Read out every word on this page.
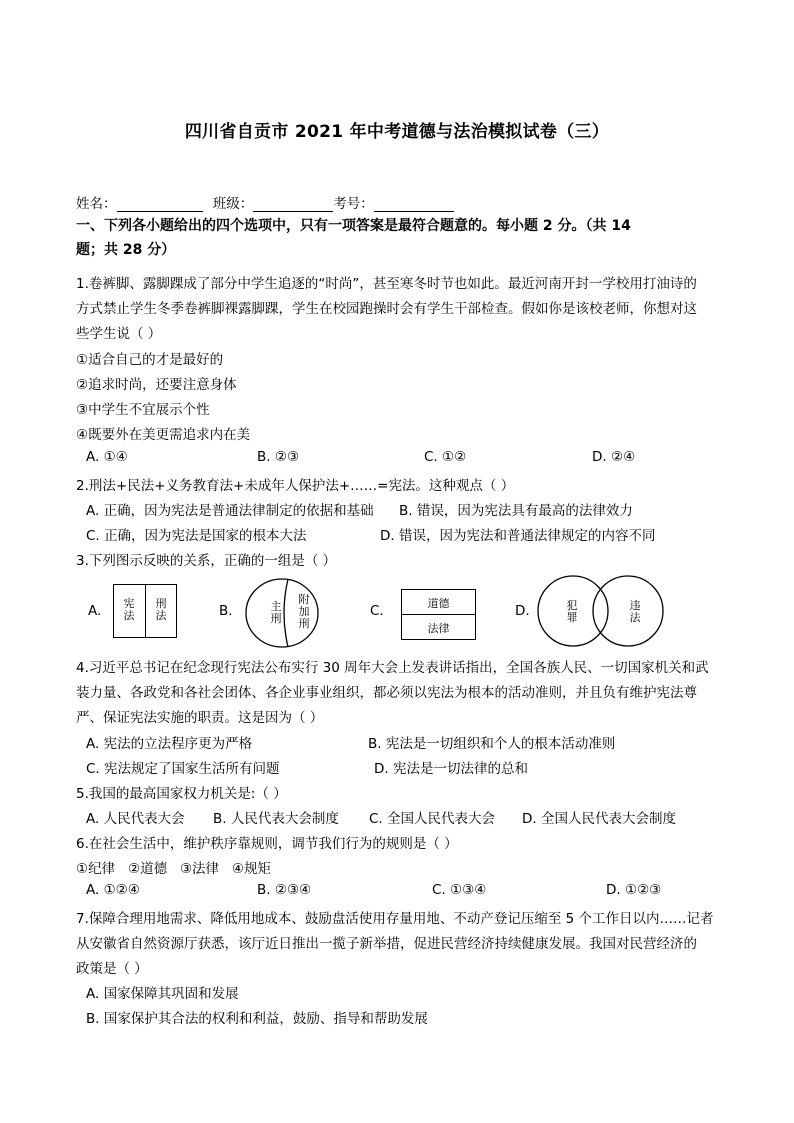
四川省自贡市 2021 年中考道德与法治模拟试卷（三）
姓名：	班级：	考号：
一、下列各小题给出的四个选项中，只有一项答案是最符合题意的。每小题 2 分。（共 14
题；共 28 分）
1.卷裤脚、露脚踝成了部分中学生追逐的“时尚”，甚至寒冬时节也如此。最近河南开封一学校用打油诗的
方式禁止学生冬季卷裤脚裸露脚踝，学生在校园跑操时会有学生干部检查。假如你是该校老师，你想对这
些学生说（ ）
①适合自己的才是最好的
②追求时尚，还要注意身体
③中学生不宜展示个性
④既要外在美更需追求内在美
A. ①④	B. ②③	C. ①②	D. ②④
2.刑法+民法+义务教育法+未成年人保护法+……=宪法。这种观点（ ）
A. 正确，因为宪法是普通法律制定的依据和基础 B. 错误，因为宪法具有最高的法律效力
C. 正确，因为宪法是国家的根本大法	D. 错误，因为宪法和普通法律规定的内容不同
3.下列图示反映的关系，正确的一组是（ ）
A. 宪
法
刑
法	B.	主
刑
附
加
刑
C.	道德
法律
D.	犯
罪
违
法
4.习近平总书记在纪念现行宪法公布实行 30 周年大会上发表讲话指出，全国各族人民、一切国家机关和武
装力量、各政党和各社会团体、各企业事业组织，都必须以宪法为根本的活动准则，并且负有维护宪法尊
严、保证宪法实施的职责。这是因为（ ）
A. 宪法的立法程序更为严格	B. 宪法是一切组织和个人的根本活动准则
C. 宪法规定了国家生活所有问题	D. 宪法是一切法律的总和
5.我国的最高国家权力机关是:（ ）
A. 人民代表大会 B. 人民代表大会制度 C. 全国人民代表大会 D. 全国人民代表大会制度
6.在社会生活中，维护秩序靠规则，调节我们行为的规则是（ ）
①纪律   ②道德   ③法律   ④规矩
A. ①②④	B. ②③④	C. ①③④	D. ①②③
7.保障合理用地需求、降低用地成本、鼓励盘活使用存量用地、不动产登记压缩至 5 个工作日以内……记者
从安徽省自然资源厅获悉，该厅近日推出一揽子新举措，促进民营经济持续健康发展。我国对民营经济的
政策是（ ）
A. 国家保障其巩固和发展
B. 国家保护其合法的权利和利益，鼓励、指导和帮助发展
